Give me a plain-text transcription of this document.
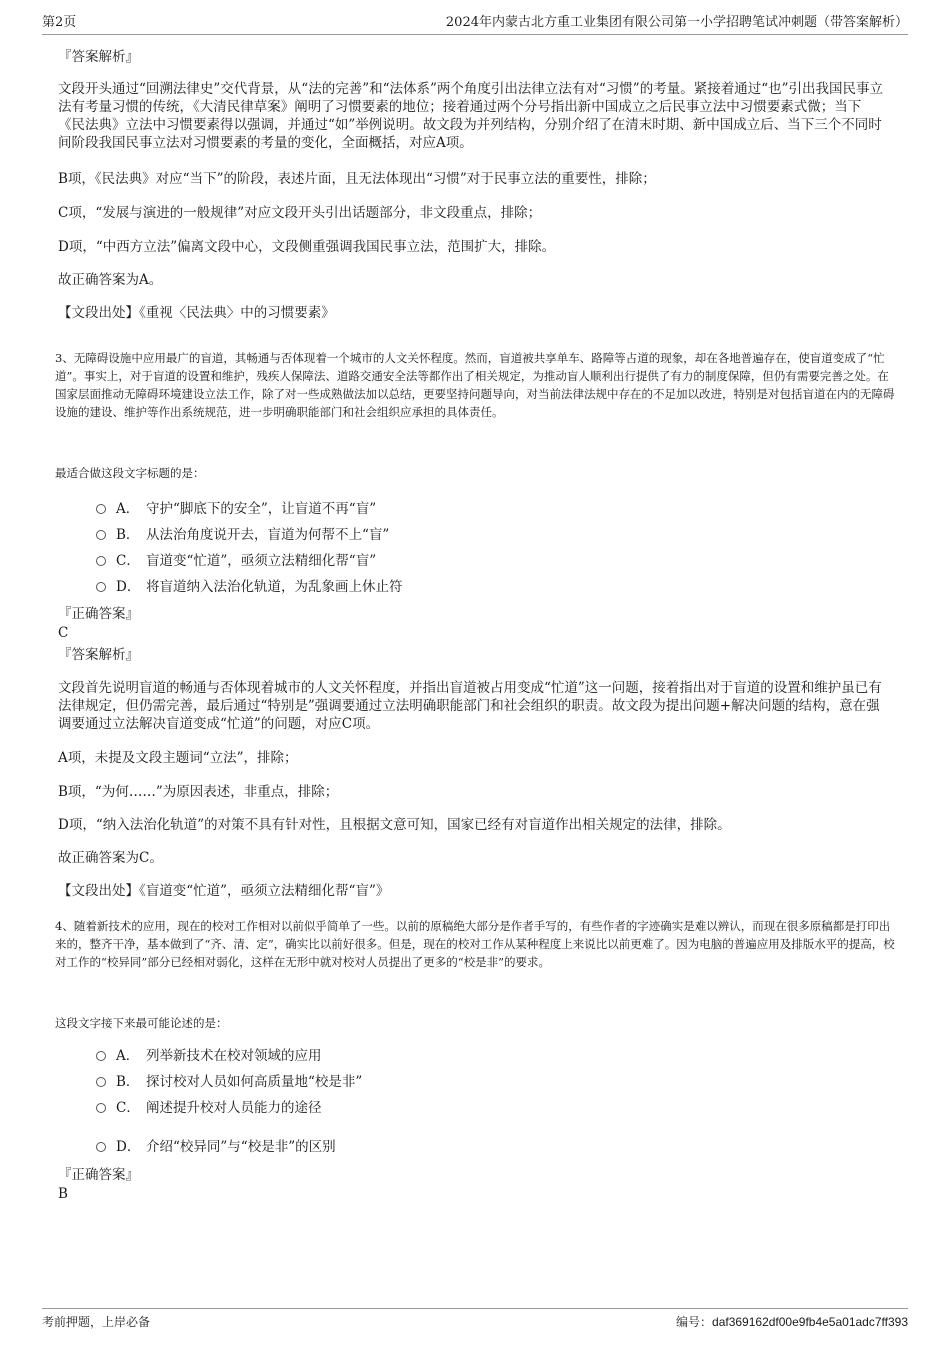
第2页	2024年内蒙古北方重工业集团有限公司第一小学招聘笔试冲刺题（带答案解析）
『答案解析』
文段开头通过“回溯法律史”交代背景，从“法的完善”和“法体系”两个角度引出法律立法有对“习惯”的考量。紧接着通过“也”引出我国民事立法有考量习惯的传统，《大清民律草案》阐明了习惯要素的地位；接着通过两个分号指出新中国成立之后民事立法中习惯要素式微；当下《民法典》立法中习惯要素得以强调，并通过“如”举例说明。故文段为并列结构，分别介绍了在清末时期、新中国成立后、当下三个不同时间阶段我国民事立法对习惯要素的考量的变化，全面概括，对应A项。
B项，《民法典》对应“当下”的阶段，表述片面，且无法体现出“习惯”对于民事立法的重要性，排除；
C项，“发展与演进的一般规律”对应文段开头引出话题部分，非文段重点，排除；
D项，“中西方立法”偏离文段中心，文段侧重强调我国民事立法，范围扩大，排除。
故正确答案为A。
【文段出处】《重视〈民法典〉中的习惯要素》
3、无障碍设施中应用最广的盲道，其畅通与否体现着一个城市的人文关怀程度。然而，盲道被共享单车、路障等占道的现象，却在各地普遍存在，使盲道变成了“忙道”。事实上，对于盲道的设置和维护，残疾人保障法、道路交通安全法等都作出了相关规定，为推动盲人顺利出行提供了有力的制度保障，但仍有需要完善之处。在国家层面推动无障碍环境建设立法工作，除了对一些成熟做法加以总结，更要坚持问题导向，对当前法律法规中存在的不足加以改进，特别是对包括盲道在内的无障碍设施的建设、维护等作出系统规范，进一步明确职能部门和社会组织应承担的具体责任。
最适合做这段文字标题的是：
A． 守护“脚底下的安全”，让盲道不再“盲”
B． 从法治角度说开去，盲道为何帮不上“盲”
C． 盲道变“忙道”，亟须立法精细化帮“盲”
D． 将盲道纳入法治化轨道，为乱象画上休止符
『正确答案』
C
『答案解析』
文段首先说明盲道的畅通与否体现着城市的人文关怀程度，并指出盲道被占用变成“忙道”这一问题，接着指出对于盲道的设置和维护虽已有法律规定，但仍需完善，最后通过“特别是”强调要通过立法明确职能部门和社会组织的职责。故文段为提出问题+解决问题的结构，意在强调要通过立法解决盲道变成“忙道”的问题，对应C项。
A项，未提及文段主题词“立法”，排除；
B项，“为何……”为原因表述，非重点，排除；
D项，“纳入法治化轨道”的对策不具有针对性，且根据文意可知，国家已经有对盲道作出相关规定的法律，排除。
故正确答案为C。
【文段出处】《盲道变“忙道”，亟须立法精细化帮“盲”》
4、随着新技术的应用，现在的校对工作相对以前似乎简单了一些。以前的原稿绝大部分是作者手写的，有些作者的字迹确实是难以辨认，而现在很多原稿都是打印出来的，整齐干净，基本做到了“齐、清、定”，确实比以前好很多。但是，现在的校对工作从某种程度上来说比以前更难了。因为电脑的普遍应用及排版水平的提高，校对工作的“校异同”部分已经相对弱化，这样在无形中就对校对人员提出了更多的“校是非”的要求。
这段文字接下来最可能论述的是：
A． 列举新技术在校对领域的应用
B． 探讨校对人员如何高质量地“校是非”
C． 阐述提升校对人员能力的途径
D． 介绍“校异同”与“校是非”的区别
『正确答案』
B
考前押题，上岸必备	编号：daf369162df00e9fb4e5a01adc7ff393
